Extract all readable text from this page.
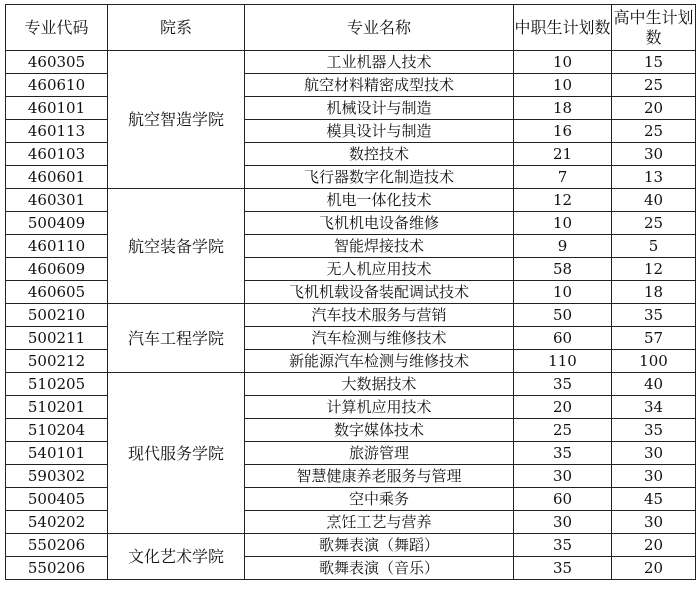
专业代码	院系	专业名称	中职生计划数	高中生计划数
460305	航空智造学院	工业机器人技术	10	15
460610		航空材料精密成型技术	10	25
460101		机械设计与制造	18	20
460113		模具设计与制造	16	25
460103		数控技术	21	30
460601		飞行器数字化制造技术	7	13
460301	航空装备学院	机电一体化技术	12	40
500409		飞机机电设备维修	10	25
460110		智能焊接技术	9	5
460609		无人机应用技术	58	12
460605		飞机机载设备装配调试技术	10	18
500210	汽车工程学院	汽车技术服务与营销	50	35
500211		汽车检测与维修技术	60	57
500212		新能源汽车检测与维修技术	110	100
510205	现代服务学院	大数据技术	35	40
510201		计算机应用技术	20	34
510204		数字媒体技术	25	35
540101		旅游管理	35	30
590302		智慧健康养老服务与管理	30	30
500405		空中乘务	60	45
540202		烹饪工艺与营养	30	30
550206	文化艺术学院	歌舞表演（舞蹈）	35	20
550206		歌舞表演（音乐）	35	20
